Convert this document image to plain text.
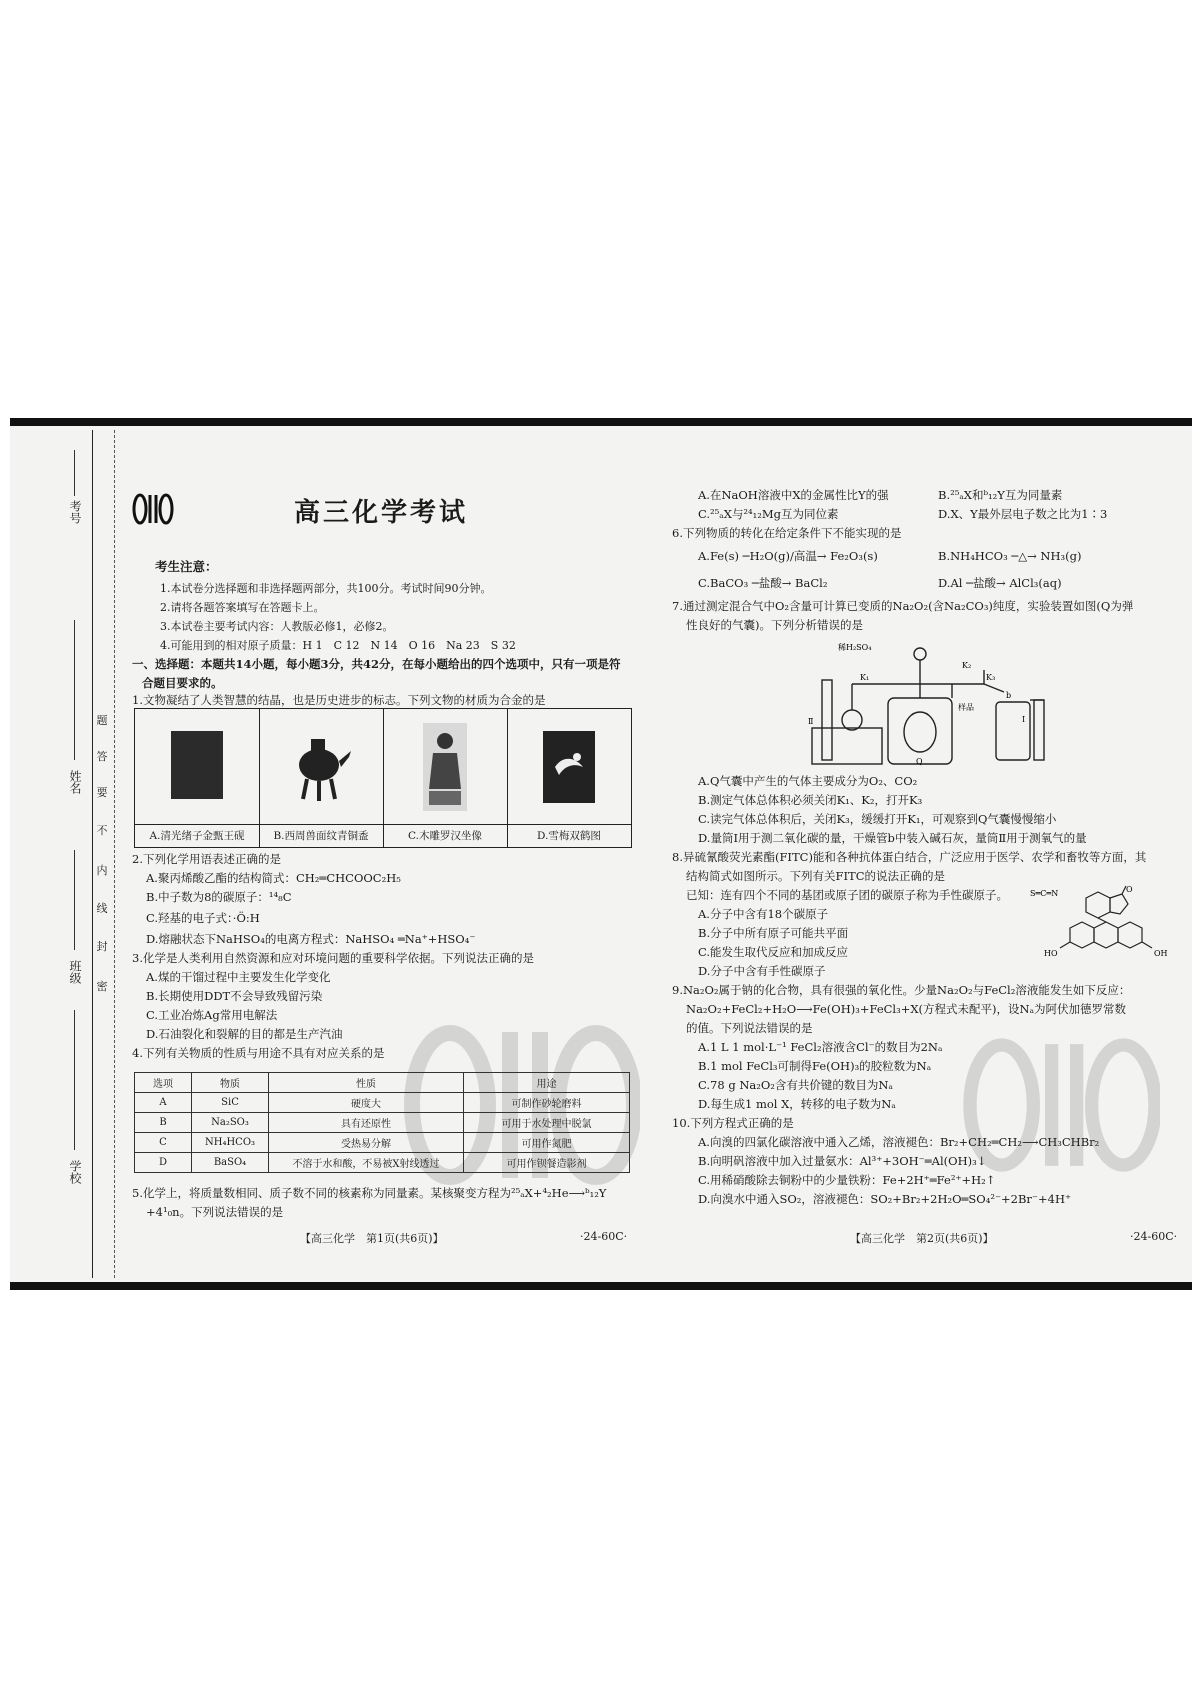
考号
姓名
班级
学校
题
答
要
不
内
线
封
密
高三化学考试
考生注意：

1.本试卷分选择题和非选择题两部分，共100分。考试时间90分钟。

2.请将各题答案填写在答题卡上。

3.本试卷主要考试内容：人教版必修1，必修2。

4.可能用到的相对原子质量：H 1　C 12　N 14　O 16　Na 23　S 32

一、选择题：本题共14小题，每小题3分，共42分，在每小题给出的四个选项中，只有一项是符

合题目要求的。

1.文物凝结了人类智慧的结晶，也是历史进步的标志。下列文物的材质为合金的是

A.清光绪子金甄王砚	B.西周兽面纹青铜盉	C.木雕罗汉坐像	D.雪梅双鹤图

2.下列化学用语表述正确的是

A.聚丙烯酸乙酯的结构简式：CH₂═CHCOOC₂H₅

B.中子数为8的碳原子：¹⁴₈C

C.羟基的电子式：·Ö:H

D.熔融状态下NaHSO₄的电离方程式：NaHSO₄ ═Na⁺+HSO₄⁻

3.化学是人类利用自然资源和应对环境问题的重要科学依据。下列说法正确的是

A.煤的干馏过程中主要发生化学变化

B.长期使用DDT不会导致残留污染

C.工业冶炼Ag常用电解法

D.石油裂化和裂解的目的都是生产汽油

4.下列有关物质的性质与用途不具有对应关系的是

选项	物质	性质	用途
A	SiC	硬度大	可制作砂轮磨料
B	Na₂SO₃	具有还原性	可用于水处理中脱氯
C	NH₄HCO₃	受热易分解	可用作氮肥
D	BaSO₄	不溶于水和酸，不易被X射线透过	可用作钡餐造影剂

5.化学上，将质量数相同、质子数不同的核素称为同量素。某核聚变方程为²⁵ₐX+⁴₂He⟶ᵇ₁₂Y

+4¹₀n。下列说法错误的是

A.在NaOH溶液中X的金属性比Y的强	B.²⁵ₐX和ᵇ₁₂Y互为同量素

C.²⁵ₐX与²⁴₁₂Mg互为同位素	D.X、Y最外层电子数之比为1∶3

6.下列物质的转化在给定条件下不能实现的是

A.Fe(s) ─H₂O(g)/高温→ Fe₂O₃(s)	B.NH₄HCO₃ ─△→ NH₃(g)

C.BaCO₃ ─盐酸→ BaCl₂	D.Al ─盐酸→ AlCl₃(aq)

7.通过测定混合气中O₂含量可计算已变质的Na₂O₂(含Na₂CO₃)纯度，实验装置如图(Q为弹

性良好的气囊)。下列分析错误的是

稀H₂SO₄
K₁
K₂
K₃
Ⅱ
Q
样品
Ⅰ
b

A.Q气囊中产生的气体主要成分为O₂、CO₂

B.测定气体总体积必须关闭K₁、K₂，打开K₃

C.读完气体总体积后，关闭K₃，缓缓打开K₁，可观察到Q气囊慢慢缩小

D.量筒Ⅰ用于测二氧化碳的量，干燥管b中装入碱石灰，量筒Ⅱ用于测氧气的量

8.异硫氰酸荧光素酯(FITC)能和各种抗体蛋白结合，广泛应用于医学、农学和畜牧等方面，其

结构简式如图所示。下列有关FITC的说法正确的是

已知：连有四个不同的基团或原子团的碳原子称为手性碳原子。

A.分子中含有18个碳原子

B.分子中所有原子可能共平面

C.能发生取代反应和加成反应

D.分子中含有手性碳原子

9.Na₂O₂属于钠的化合物，具有很强的氧化性。少量Na₂O₂与FeCl₂溶液能发生如下反应：

Na₂O₂+FeCl₂+H₂O⟶Fe(OH)₃+FeCl₃+X(方程式未配平)，设Nₐ为阿伏加德罗常数

的值。下列说法错误的是

A.1 L 1 mol·L⁻¹ FeCl₂溶液含Cl⁻的数目为2Nₐ

B.1 mol FeCl₃可制得Fe(OH)₃的胶粒数为Nₐ

C.78 g Na₂O₂含有共价键的数目为Nₐ

D.每生成1 mol X，转移的电子数为Nₐ

10.下列方程式正确的是

A.向溴的四氯化碳溶液中通入乙烯，溶液褪色：Br₂+CH₂═CH₂⟶CH₃CHBr₂

B.向明矾溶液中加入过量氨水：Al³⁺+3OH⁻═Al(OH)₃↓

C.用稀硝酸除去铜粉中的少量铁粉：Fe+2H⁺═Fe²⁺+H₂↑

D.向溴水中通入SO₂，溶液褪色：SO₂+Br₂+2H₂O═SO₄²⁻+2Br⁻+4H⁺

S═C═N	O
HO	OH
【高三化学　第1页(共6页)】	·24-60C·	【高三化学　第2页(共6页)】	·24-60C·
